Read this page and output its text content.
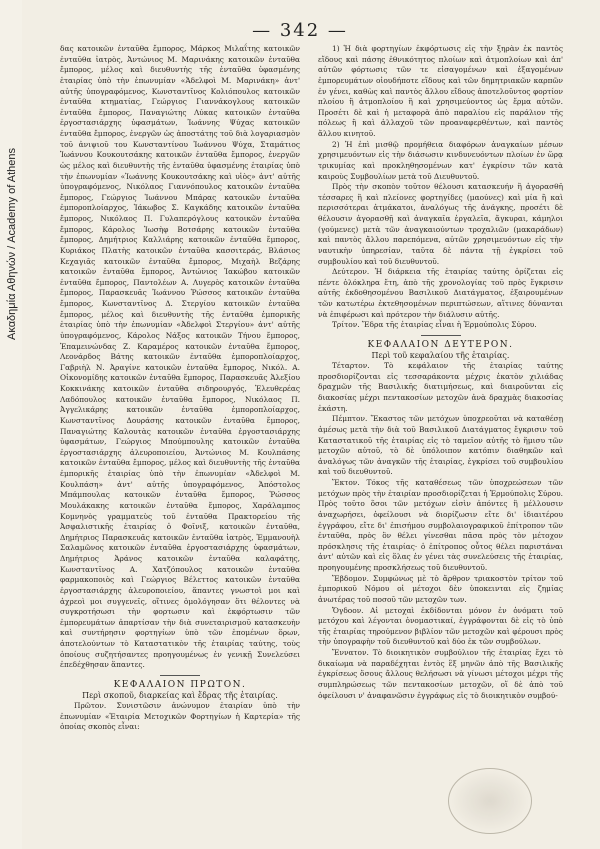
Ακαδημία Αθηνών / Academy of Athens
— 342 —

δας κατοικῶν ἐνταῦθα ἔμπορος, Μάρκος Μιλαΐτης κατοικῶν ἐνταῦθα ἰατρὸς, Ἀντώνιος Μ. Μαρινάκης κατοικῶν ἐνταῦθα ἔμπορος, μέλος καὶ διευθυντὴς τῆς ἐνταῦθα ὑφασμένης ἑταιρίας ὑπὸ τὴν ἐπωνυμίαν «Ἀδελφοὶ Μ. Μαρινάκη» ἀντ' αὐτῆς ὑπογραφόμενος, Κωνσταντῖνος Κολιόπουλος κατοικῶν ἐνταῦθα κτηματίας, Γεώργιος Γιαννάκογλους κατοικῶν ἐνταῦθα ἔμπορος, Παναγιώτης Λύκας κατοικῶν ἐνταῦθα ἐργοστασιάρχης ὑφασμάτων, Ἰωάννης Ψύχας κατοικῶν ἐνταῦθα ἔμπορος, ἐνεργῶν ὡς ἀποστάτης τοῦ διὰ λογαριασμὸν τοῦ ἀνιψιοῦ του Κωνσταντίνου Ἰωάννου Ψύχα, Σταμάτιος Ἰωάννου Κουκουτσάκης κατοικῶν ἐνταῦθα ἔμπορος, ἐνεργῶν ὡς μέλος καὶ διευθυντὴς τῆς ἐνταῦθα ὑφασμένης ἑταιρίας ὑπὸ τὴν ἐπωνυμίαν «Ἰωάννης Κουκουτσάκης καὶ υἱὸς» ἀντ' αὐτῆς ὑπογραφόμενος, Νικόλαος Γιαννόπουλος κατοικῶν ἐνταῦθα ἔμπορος, Γεώργιος Ἰωάννου Μπάρας κατοικῶν ἐνταῦθα ἐμποροπλοίαρχος, Ἰάκωβος Σ. Καγκάδης κατοικῶν ἐνταῦθα ἔμπορος, Νικόλαος Π. Γυλαπερόγλους κατοικῶν ἐνταῦθα ἔμπορος, Κάρολος Ἰωσὴφ Βοτσάρης κατοικῶν ἐνταῦθα ἔμπορος, Δημήτριος Καλλιάρης κατοικῶν ἐνταῦθα ἔμπορος, Κυριάκος Πλατὴς κατοικῶν ἐνταῦθα κασσιτεράς, Βλάσιος Κεχαγιᾶς κατοικῶν ἐνταῦθα ἔμπορος, Μιχαὴλ Βεζάρης κατοικῶν ἐνταῦθα ἔμπορος, Ἀντώνιος Ἰακώβου κατοικῶν ἐνταῦθα ἔμπορος, Παντολέων Α. Λυγερὸς κατοικῶν ἐνταῦθα ἔμπορος, Παρασκευᾶς Ἰωάννου Ῥώσσος κατοικῶν ἐνταῦθα ἔμπορος, Κωνσταντῖνος Δ. Στεργίου κατοικῶν ἐνταῦθα ἔμπορος, μέλος καὶ διευθυντὴς τῆς ἐνταῦθα ἐμπορικῆς ἑταιρίας ὑπὸ τὴν ἐπωνυμίαν «Ἀδελφοὶ Στεργίου» ἀντ' αὐτῆς ὑπογραφόμενος, Κάρολος Νάξος κατοικῶν Τήνου ἔμπορος, Ἐπαμεινώνδας Ζ. Καραμέρος κατοικῶν ἐνταῦθα ἔμπορος, Λεονάρδος Βάτης κατοικῶν ἐνταῦθα ἐμποροπλοίαρχος, Γαβριὴλ Ν. Ἀραγίνε κατοικῶν ἐνταῦθα ἔμπορος, Νικόλ. Α. Οἰκονομίδης κατοικῶν ἐνταῦθα ἔμπορος, Παρασκευᾶς Ἀλεξίου Κοκκινάκης κατοικῶν ἐνταῦθα σιδηρουργός, Ἐλευθερέας Λαδόπουλος κατοικῶν ἐνταῦθα ἔμπορος, Νικόλαος Π. Ἀγγελικάρης κατοικῶν ἐνταῦθα ἐμποροπλοίαρχος, Κωνσταντῖνος Δουράσης κατοικῶν ἐνταῦθα ἔμπορος, Παναγιώτης Καλουτὰς κατοικῶν ἐνταῦθα ἐργοστασιάρχης ὑφασμάτων, Γεώργιος Μπούμπουλης κατοικῶν ἐνταῦθα ἐργοστασιάρχης ἀλευροποιείου, Ἀντώνιος Μ. Κουλπάσης κατοικῶν ἐνταῦθα ἔμπορος, μέλος καὶ διευθυντὴς τῆς ἐνταῦθα ἐμπορικῆς ἑταιρίας ὑπὸ τὴν ἐπωνυμίαν «Ἀδελφοὶ Μ. Κουλπάση» ἀντ' αὐτῆς ὑπογραφόμενος, Ἀπόστολος Μπάμπουλας κατοικῶν ἐνταῦθα ἔμπορος, Ῥώσσος Μουλάκακης κατοικῶν ἐνταῦθα ἔμπορος, Χαράλαμπος Κομνηνὸς γραμματεὺς τοῦ ἐνταῦθα Πρακτορείου τῆς Ἀσφαλιστικῆς ἑταιρίας ὁ Φοῖνιξ, κατοικῶν ἐνταῦθα, Δημήτριος Παρασκευᾶς κατοικῶν ἐνταῦθα ἰατρὸς, Ἐμμανουὴλ Σαλαμῶνος κατοικῶν ἐνταῦθα ἐργοστασιάρχης ὑφασμάτων, Δημήτριος Ἀράνος κατοικῶν ἐνταῦθα καλαφάτης, Κωνσταντῖνος Α. Χατζόπουλος κατοικῶν ἐνταῦθα φαρμακοποιὸς καὶ Γεώργιος Βέλεττος κατοικῶν ἐνταῦθα ἐργοστασιάρχης ἀλευροποιείου, ἅπαντες γνωστοὶ μοι καὶ ἀχρεοὶ μοι συγγενεῖς, οἵτινες ὁμολόγησαν ὅτι θέλοντες νὰ συγκροτήσωσι τὴν φορτωσιν καὶ ἐκφόρτωσιν τῶν ἐμπορευμάτων ἀπαρτίσαν τὴν διὰ συνεταιρισμοῦ κατασκευὴν καὶ συντήρησιν φορτηγίων ὑπὸ τῶν ἑπομένων ὅρων, ἀποτελούντων τὸ Καταστατικὸν τῆς ἑταιρίας ταύτης, τοὺς ὁποίους συζητήσαντες προηγουμένως ἐν γενικῇ Συνελεύσει ἐπεδέχθησαν ἅπαντες.

ΚΕΦΑΛΑΙΟΝ ΠΡΩΤΟΝ.

Περὶ σκοποῦ, διαρκείας καὶ ἕδρας τῆς ἑταιρίας.

Πρῶτον. Συνιστῶσιν ἀνώνυμον ἑταιρίαν ὑπὸ τὴν ἐπωνυμίαν «Ἑταιρία Μετοχικῶν Φορτηγίων ἡ Καρτερία» τῆς ὁποίας σκοπὸς εἶναι:

1) Ἡ διὰ φορτηγίων ἐκφόρτωσις εἰς τὴν ξηρὰν ἐκ παντὸς εἴδους καὶ πάσης ἐθνικότητος πλοίων καὶ ἀτμοπλοίων καὶ ἀπ' αὐτῶν φόρτωσις τῶν τε εἰσαγομένων καὶ ἐξαγομένων ἐμπορευμάτων οἰουδήποτε εἴδους καὶ τῶν δημητριακῶν καρπῶν ἐν γένει, καθὼς καὶ παντὸς ἄλλου εἴδους ἀποτελοῦντος φορτίον πλοίου ἢ ἀτμοπλοίου ἢ καὶ χρησιμεύοντος ὡς ἕρμα αὐτῶν. Προσέτι δὲ καὶ ἡ μεταφορὰ ἀπὸ παραλίου εἰς παράλιον τῆς πόλεως ἢ καὶ ἀλλαχοῦ τῶν προαναφερθέντων, καὶ παντὸς ἄλλου κινητοῦ.

2) Ἡ ἐπὶ μισθῷ προμήθεια διαφόρων ἀναγκαίων μέσων χρησιμευόντων εἰς τὴν διάσωσιν κινδυνευόντων πλοίων ἐν ὥρᾳ τρικυμίας καὶ προκληθησομένων κατ' ἐγκρίσιν τῶν κατὰ καιροὺς Συμβουλίων μετὰ τοῦ Διευθυντοῦ.

Πρὸς τὴν σκοπὸν τοῦτον θέλουσι κατασκευήν ἢ ἀγορασθῆ τέσσαρες ἢ καὶ πλείονες φορτηγίδες (μαούνες) καὶ μία ἢ καὶ περισσότεραι ἀτμάκατοι, ἀναλόγως τῆς ἀνάγκης, προσέτι δὲ θέλουσιν ἀγορασθῇ καὶ ἀναγκαῖα ἐργαλεῖα, ἄγκυραι, κάμηλοι (γούμενες) μετὰ τῶν ἀναγκαιούντων τροχαλιῶν (μακαράδων) καὶ παντὸς ἄλλου παρεπόμενα, αὐτῶν χρησιμευόντων εἰς τὴν ναυτικὴν ὑπηρεσίαν, ταῦτα δὲ πάντα τῇ ἐγκρίσει τοῦ συμβουλίου καὶ τοῦ διευθυντοῦ.

Δεύτερον. Ἡ διάρκεια τῆς ἑταιρίας ταύτης ὁρίζεται εἰς πέντε ὁλόκληρα ἔτη, ἀπὸ τῆς χρονολογίας τοῦ πρὸς ἔγκρισιν αὐτῆς ἐκδοθησομένου Βασιλικοῦ Διατάγματος, ἐξαιρουμένων τῶν κατωτέρω ἐκτεθησομένων περιπτώσεων, αἵτινες δύνανται νὰ ἐπιφέρωσι καὶ πρότερον τὴν διάλυσιν αὐτῆς.

Τρίτον. Ἕδρα τῆς ἑταιρίας εἶναι ἡ Ἑρμούπολις Σύρου.

ΚΕΦΑΛΑΙΟΝ ΔΕΥΤΕΡΟΝ.

Περὶ τοῦ κεφαλαίου τῆς ἑταιρίας.

Τέταρτον. Τὸ κεφάλαιον τῆς ἑταιρίας ταύτης προσδιορίζονται εἰς τεσσαράκοντα μέχρις ἑκατὸν χιλιάδας δραχμῶν τῆς Βασιλικῆς διατιμήσεως, καὶ διαιροῦνται εἰς διακοσίας μέχρι πεντακοσίων μετοχῶν ἀνὰ δραχμὰς διακοσίας ἑκάστη.

Πέμπτον. Ἕκαστος τῶν μετόχων ὑποχρεοῦται νὰ καταθέσῃ ἀμέσως μετὰ τὴν διὰ τοῦ Βασιλικοῦ Διατάγματος ἔγκρισιν τοῦ Καταστατικοῦ τῆς ἑταιρίας εἰς τὸ ταμεῖον αὐτῆς τὸ ἥμισυ τῶν μετοχῶν αὐτοῦ, τὸ δὲ ὑπόλοιπον κατόπιν διαθηκῶν καὶ ἀναλόγως τῶν ἀναγκῶν τῆς ἑταιρίας, ἐγκρίσει τοῦ συμβουλίου καὶ τοῦ διευθυντοῦ.

Ἕκτον. Τόκος τῆς καταθέσεως τῶν ὑποχρεώσεων τῶν μετόχων πρὸς τὴν ἑταιρίαν προσδιορίζεται ἡ Ἑρμούπολις Σύρου. Πρὸς τοῦτο ὅσοι τῶν μετόχων εἰσὶν ἀπόντες ἢ μέλλουσιν ἀναχωρήσει, ὀφείλουσι νὰ διορίζωσιν εἴτε δι' ἰδιαιτέρου ἐγγράφου, εἴτε δι' ἐπισήμου συμβολαιογραφικοῦ ἐπίτροπον τῶν ἐνταῦθα, πρὸς ὃν θέλει γίνεσθαι πᾶσα πρὸς τὸν μέτοχον πρόσκλησις τῆς ἑταιρίας· ὁ ἐπίτροπος οὗτος θέλει παριστάναι ἀντ' αὐτῶν καὶ εἰς ὅλας ἐν γένει τὰς συνελεύσεις τῆς ἑταιρίας, προηγουμένης προσκλήσεως τοῦ διευθυντοῦ.

Ἕβδομον. Συμφώνως μὲ τὸ ἄρθρον τριακοστὸν τρίτον τοῦ ἐμπορικοῦ Νόμου οἱ μέτοχοι δὲν ὑποκεινται εἰς ζημίας ἀνωτέρας τοῦ ποσοῦ τῶν μετοχῶν των.

Ὄγδοον. Αἱ μετοχαὶ ἐκδίδονται μόνον ἐν ὀνόματι τοῦ μετόχου καὶ λέγονται ὀνομαστικαί, ἐγγράφονται δὲ εἰς τὸ ὑπὸ τῆς ἑταιρίας τηρούμενον βιβλίον τῶν μετοχῶν καὶ φέρουσι πρὸς τὴν ὑπογραφὴν τοῦ διευθυντοῦ καὶ δύο ἐκ τῶν συμβούλων.

Ἔννατον. Τὸ διοικητικὸν συμβούλιον τῆς ἑταιρίας ἔχει τὸ δικαίωμα νὰ παραδέχηται ἐντὸς ἓξ μηνῶν ἀπὸ τῆς Βασιλικῆς ἐγκρίσεως ὅσους ἄλλους θελήσωσι νὰ γίνωσι μέτοχοι μέχρι τῆς συμπληρώσεως τῶν πεντακοσίων μετοχῶν, οἵ δὲ ἀπὸ τοῦ ὀφείλουσι ν' ἀναφανῶσιν ἐγγράφως εἰς τὸ διοικητικὸν συμβού-
